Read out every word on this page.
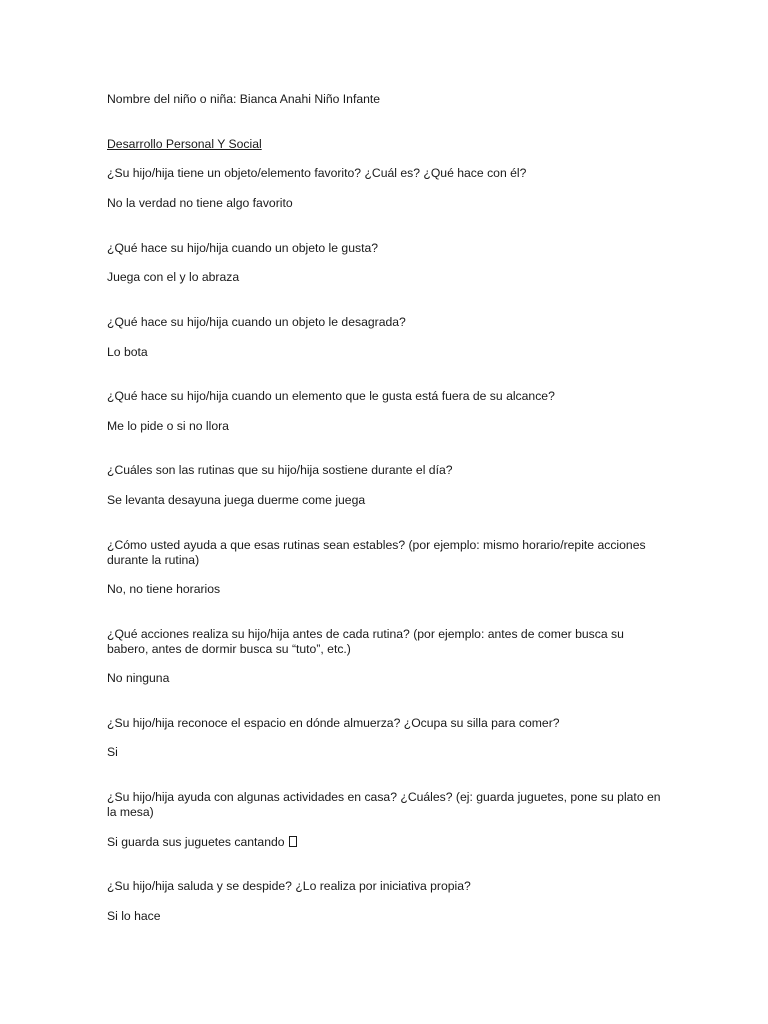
Nombre del niño o niña: Bianca Anahi Niño Infante
Desarrollo Personal Y Social
¿Su hijo/hija tiene un objeto/elemento favorito? ¿Cuál es? ¿Qué hace con él?
No la verdad no tiene algo favorito
¿Qué hace su hijo/hija cuando un objeto le gusta?
Juega con el y lo abraza
¿Qué hace su hijo/hija cuando un objeto le desagrada?
Lo bota
¿Qué hace su hijo/hija cuando un elemento que le gusta está fuera de su alcance?
Me lo pide o si no llora
¿Cuáles son las rutinas que su hijo/hija sostiene durante el día?
Se levanta desayuna juega duerme come juega
¿Cómo usted ayuda a que esas rutinas sean estables? (por ejemplo: mismo horario/repite acciones durante la rutina)
No, no tiene horarios
¿Qué acciones realiza su hijo/hija antes de cada rutina? (por ejemplo: antes de comer busca su babero, antes de dormir busca su “tuto”, etc.)
No ninguna
¿Su hijo/hija reconoce el espacio en dónde almuerza? ¿Ocupa su silla para comer?
Si
¿Su hijo/hija ayuda con algunas actividades en casa? ¿Cuáles? (ej: guarda juguetes, pone su plato en la mesa)
Si guarda sus juguetes cantando
¿Su hijo/hija saluda y se despide? ¿Lo realiza por iniciativa propia?
Si lo hace
